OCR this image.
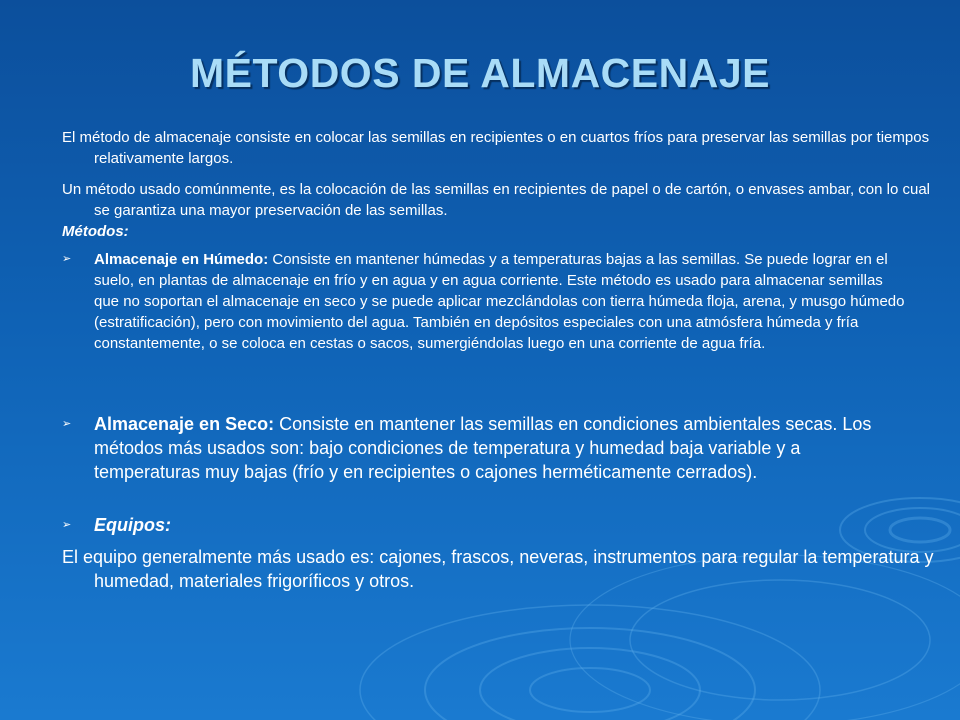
MÉTODOS DE ALMACENAJE

El método de almacenaje consiste en colocar las semillas en recipientes o en cuartos fríos para preservar las semillas por tiempos relativamente largos.

Un método usado comúnmente, es la colocación de las semillas en recipientes de papel o de cartón, o envases ambar, con lo cual se garantiza una mayor preservación de las semillas.

Métodos:
➢	Almacenaje en Húmedo: Consiste en mantener húmedas y a temperaturas bajas a las semillas. Se puede lograr en el suelo, en plantas de almacenaje en frío y en agua y en agua corriente. Este método es usado para almacenar semillas que no soportan el almacenaje en seco y se puede aplicar mezclándolas con tierra húmeda floja, arena, y musgo húmedo (estratificación), pero con movimiento del agua. También en depósitos especiales con una atmósfera húmeda y fría constantemente, o se coloca en cestas o sacos, sumergiéndolas luego en una corriente de agua fría.
➢	Almacenaje en Seco: Consiste en mantener las semillas en condiciones ambientales secas. Los métodos más usados son: bajo condiciones de temperatura y humedad baja variable y a temperaturas muy bajas (frío y en recipientes o cajones herméticamente cerrados).
➢	Equipos:

El equipo generalmente más usado es: cajones, frascos, neveras, instrumentos para regular la temperatura y humedad, materiales frigoríficos y otros.
